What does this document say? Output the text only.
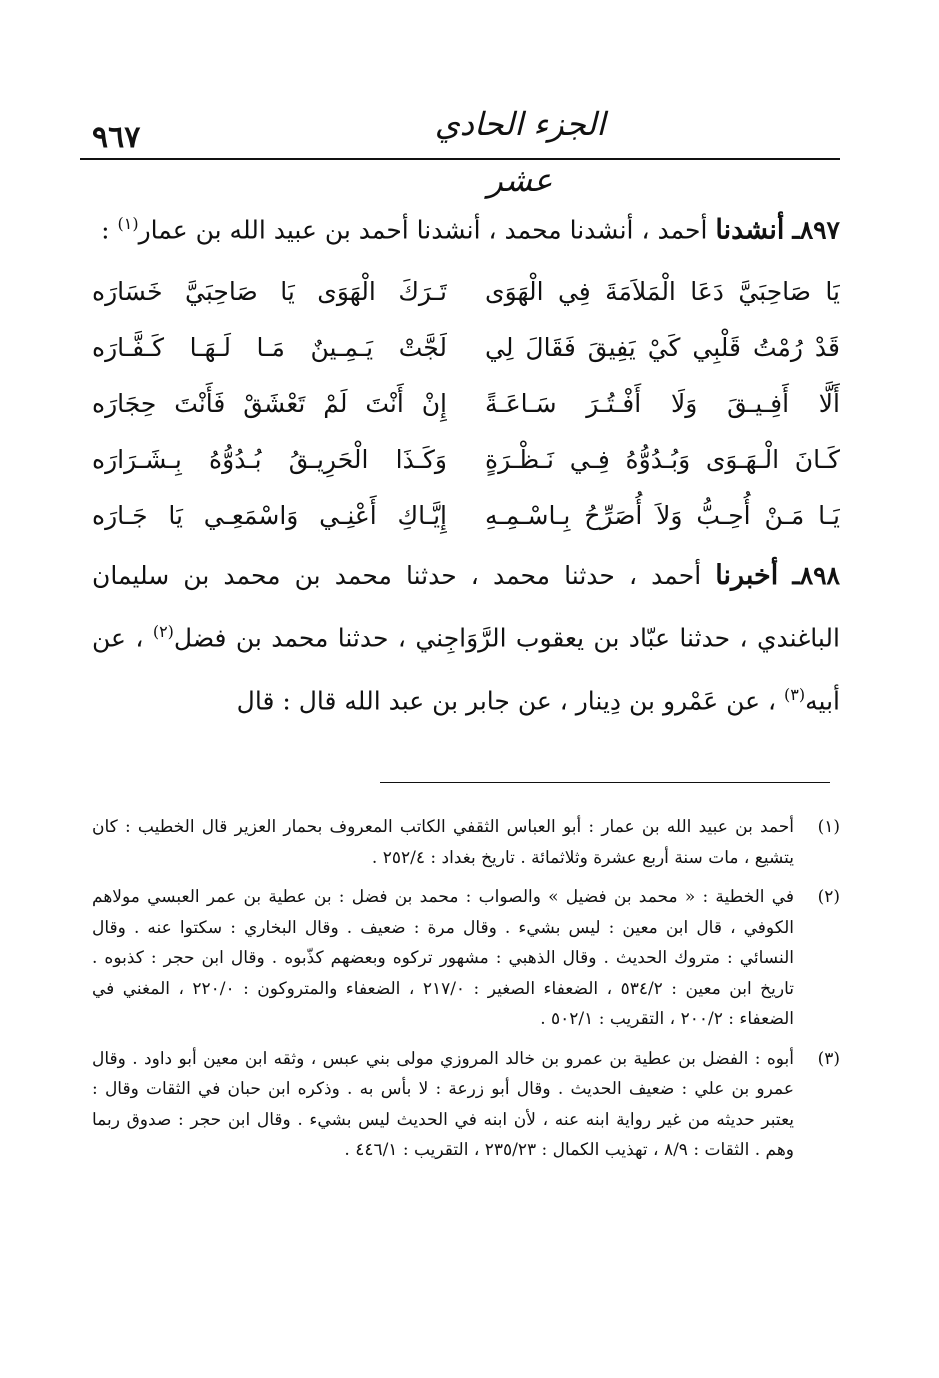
٩٦٧	الجزء الحادي عشر

٨٩٧ـ أنشدنا أحمد ، أنشدنا محمد ، أنشدنا أحمد بن عبيد الله بن عمار$^{(١)}$ :

يَا صَاحِبَيَّ دَعَا الْمَلاَمَةَ فِي الْهَوَى
تَـرَكَ الْهَوَى يَا صَاحِبَيَّ خَسَارَه
قَدْ رُمْتُ قَلْبِي كَيْ يَفِيقَ فَقَالَ لِي
لَجَّتْ يَـمِـينٌ مَـا لَـهَـا كَـفَّـارَه
أَلَّا أَفِـيـقَ وَلَا أَفْـتُـرَ سَـاعَـةً
إِنْ أَنْتَ لَمْ تَعْشَقْ فَأَنْتَ حِجَارَه
كَـانَ الْـهَـوَى وَبُـدُوُّهُ فِـي نَـظْـرَةٍ
وَكَـذَا الْحَرِيـقُ بُـدُوُّهُ بِـشَـرَارَه
يَـا مَـنْ أُحِـبُّ وَلاَ أُصَرِّحُ بِـاسْـمِـهِ
إِيَّـاكِ أَعْنِـي وَاسْمَعِـي يَا جَـارَه

٨٩٨ـ أخبرنا أحمد ، حدثنا محمد ، حدثنا محمد بن محمد بن سليمان الباغندي ، حدثنا عبّاد بن يعقوب الرَّوَاجِني ، حدثنا محمد بن فضل$^{(٢)}$ ، عن أبيه$^{(٣)}$ ، عن عَمْرو بن دِينار ، عن جابر بن عبد الله قال : قال

(١)
أحمد بن عبيد الله بن عمار : أبو العباس الثقفي الكاتب المعروف بحمار العزير قال الخطيب : كان يتشيع ، مات سنة أربع عشرة وثلاثمائة . تاريخ بغداد : ٢٥٢/٤ .
(٢)
في الخطية : « محمد بن فضيل » والصواب : محمد بن فضل : بن عطية بن عمر العبسي مولاهم الكوفي ، قال ابن معين : ليس بشيء . وقال مرة : ضعيف . وقال البخاري : سكتوا عنه . وقال النسائي : متروك الحديث . وقال الذهبي : مشهور تركوه وبعضهم كذّبوه . وقال ابن حجر : كذبوه . تاريخ ابن معين : ٥٣٤/٢ ، الضعفاء الصغير : ٢١٧/٠ ، الضعفاء والمتروكون : ٢٢٠/٠ ، المغني في الضعفاء : ٢٠٠/٢ ، التقريب : ٥٠٢/١ .
(٣)
أبوه : الفضل بن عطية بن عمرو بن خالد المروزي مولى بني عبس ، وثقه ابن معين أبو داود . وقال عمرو بن علي : ضعيف الحديث . وقال أبو زرعة : لا بأس به . وذكره ابن حبان في الثقات وقال : يعتبر حديثه من غير رواية ابنه عنه ، لأن ابنه في الحديث ليس بشيء . وقال ابن حجر : صدوق ربما وهم . الثقات : ٨/٩ ، تهذيب الكمال : ٢٣٥/٢٣ ، التقريب : ٤٤٦/١ .
